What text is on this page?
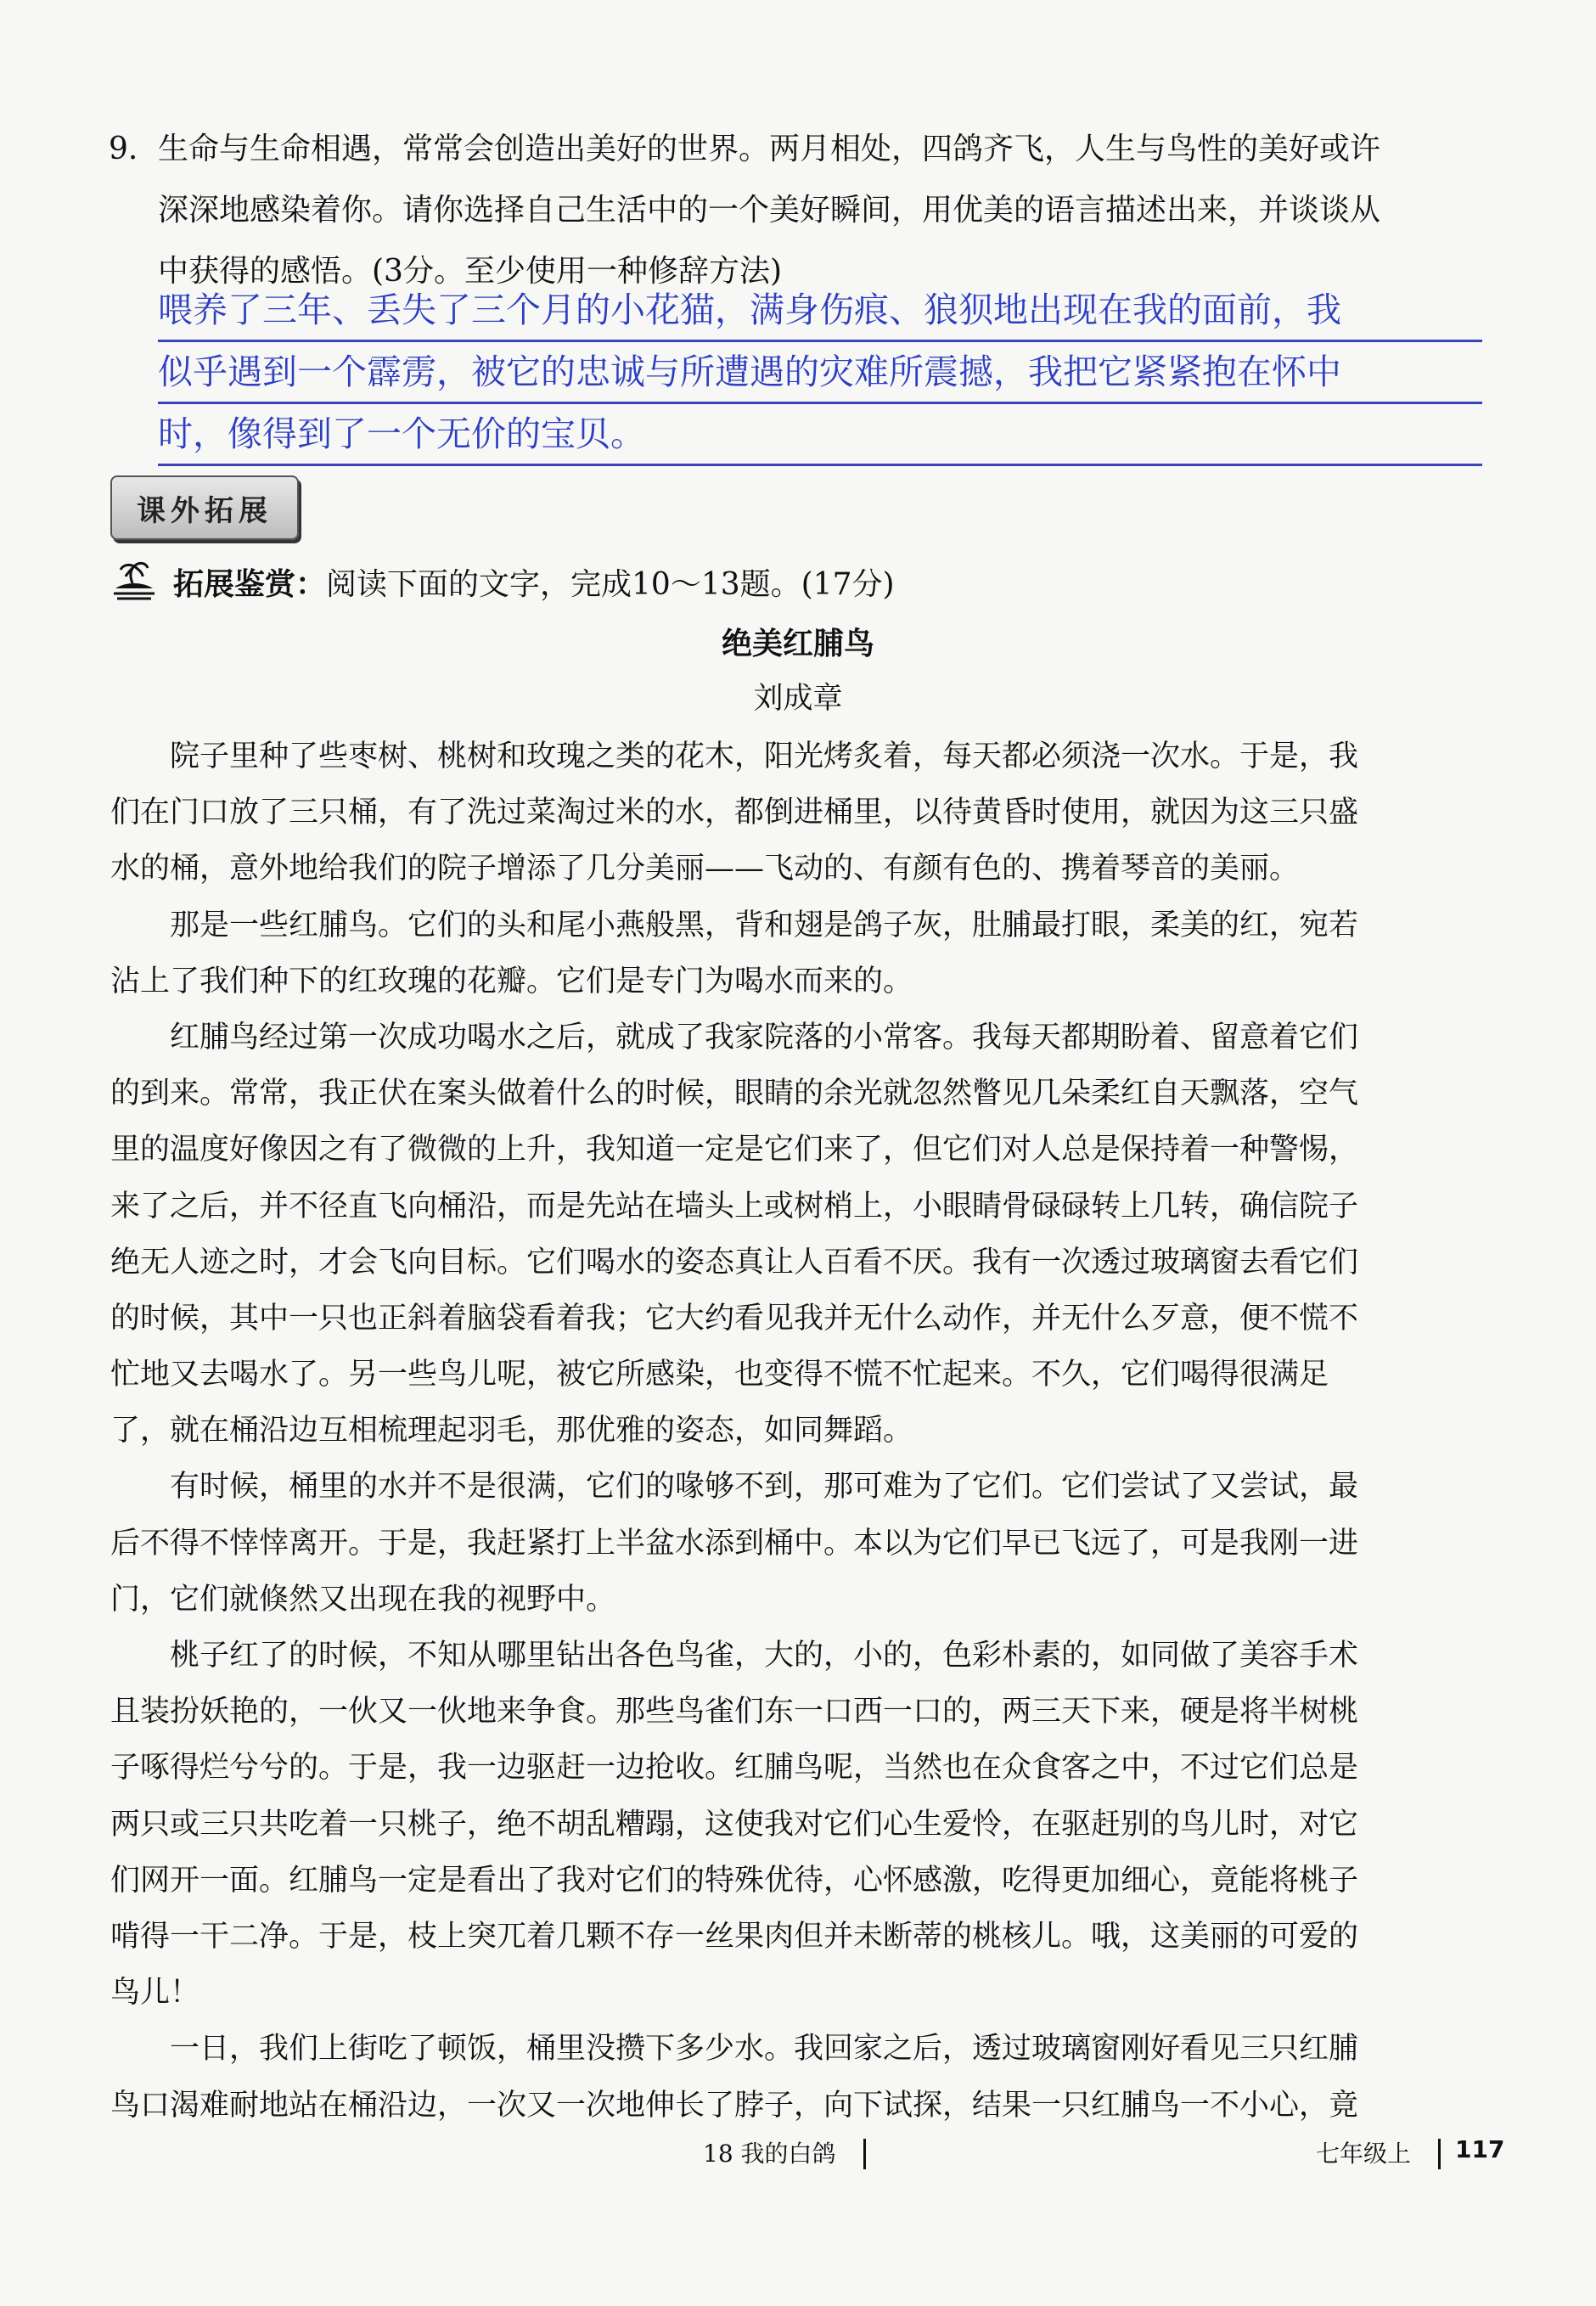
9. 生命与生命相遇，常常会创造出美好的世界。两月相处，四鸽齐飞，人生与鸟性的美好或许
深深地感染着你。请你选择自己生活中的一个美好瞬间，用优美的语言描述出来，并谈谈从
中获得的感悟。(3分。至少使用一种修辞方法)
喂养了三年、丢失了三个月的小花猫，满身伤痕、狼狈地出现在我的面前，我
似乎遇到一个霹雳，被它的忠诚与所遭遇的灾难所震撼，我把它紧紧抱在怀中
时，像得到了一个无价的宝贝。
课外拓展
拓展鉴赏： 阅读下面的文字，完成10～13题。(17分)
绝美红脯鸟
刘成章
院子里种了些枣树、桃树和玫瑰之类的花木，阳光烤炙着，每天都必须浇一次水。于是，我
们在门口放了三只桶，有了洗过菜淘过米的水，都倒进桶里，以待黄昏时使用，就因为这三只盛
水的桶，意外地给我们的院子增添了几分美丽——飞动的、有颜有色的、携着琴音的美丽。
那是一些红脯鸟。它们的头和尾小燕般黑，背和翅是鸽子灰，肚脯最打眼，柔美的红，宛若
沾上了我们种下的红玫瑰的花瓣。它们是专门为喝水而来的。
红脯鸟经过第一次成功喝水之后，就成了我家院落的小常客。我每天都期盼着、留意着它们
的到来。常常，我正伏在案头做着什么的时候，眼睛的余光就忽然瞥见几朵柔红自天飘落，空气
里的温度好像因之有了微微的上升，我知道一定是它们来了，但它们对人总是保持着一种警惕，
来了之后，并不径直飞向桶沿，而是先站在墙头上或树梢上，小眼睛骨碌碌转上几转，确信院子
绝无人迹之时，才会飞向目标。它们喝水的姿态真让人百看不厌。我有一次透过玻璃窗去看它们
的时候，其中一只也正斜着脑袋看着我；它大约看见我并无什么动作，并无什么歹意，便不慌不
忙地又去喝水了。另一些鸟儿呢，被它所感染，也变得不慌不忙起来。不久，它们喝得很满足
了，就在桶沿边互相梳理起羽毛，那优雅的姿态，如同舞蹈。
有时候，桶里的水并不是很满，它们的喙够不到，那可难为了它们。它们尝试了又尝试，最
后不得不悻悻离开。于是，我赶紧打上半盆水添到桶中。本以为它们早已飞远了，可是我刚一进
门，它们就倏然又出现在我的视野中。
桃子红了的时候，不知从哪里钻出各色鸟雀，大的，小的，色彩朴素的，如同做了美容手术
且装扮妖艳的，一伙又一伙地来争食。那些鸟雀们东一口西一口的，两三天下来，硬是将半树桃
子啄得烂兮兮的。于是，我一边驱赶一边抢收。红脯鸟呢，当然也在众食客之中，不过它们总是
两只或三只共吃着一只桃子，绝不胡乱糟蹋，这使我对它们心生爱怜，在驱赶别的鸟儿时，对它
们网开一面。红脯鸟一定是看出了我对它们的特殊优待，心怀感激，吃得更加细心，竟能将桃子
啃得一干二净。于是，枝上突兀着几颗不存一丝果肉但并未断蒂的桃核儿。哦，这美丽的可爱的
鸟儿！
一日，我们上街吃了顿饭，桶里没攒下多少水。我回家之后，透过玻璃窗刚好看见三只红脯
鸟口渴难耐地站在桶沿边，一次又一次地伸长了脖子，向下试探，结果一只红脯鸟一不小心，竟
18 我的白鸽	七年级上 117
